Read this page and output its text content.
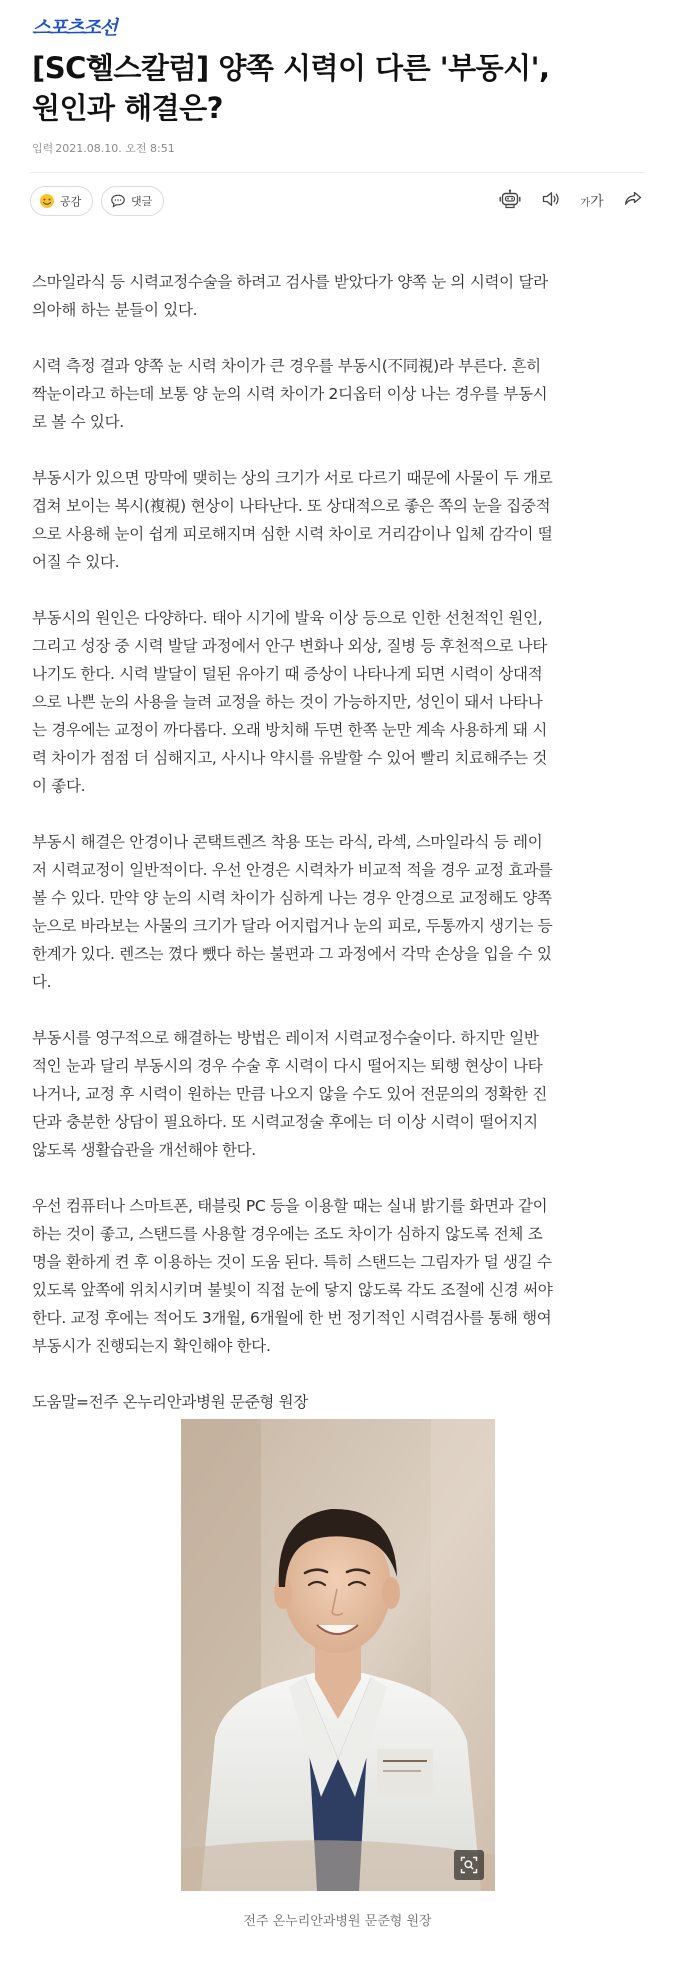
스포츠조선
[SC헬스칼럼] 양쪽 시력이 다른 '부동시',
원인과 해결은?
입력 2021.08.10. 오전 8:51
공감	댓글	가가

스마일라식 등 시력교정수술을 하려고 검사를 받았다가 양쪽 눈 의 시력이 달라
의아해 하는 분들이 있다.

시력 측정 결과 양쪽 눈 시력 차이가 큰 경우를 부동시(不同視)라 부른다. 흔히
짝눈이라고 하는데 보통 양 눈의 시력 차이가 2디옵터 이상 나는 경우를 부동시
로 볼 수 있다.

부동시가 있으면 망막에 맺히는 상의 크기가 서로 다르기 때문에 사물이 두 개로
겹쳐 보이는 복시(複視) 현상이 나타난다. 또 상대적으로 좋은 쪽의 눈을 집중적
으로 사용해 눈이 쉽게 피로해지며 심한 시력 차이로 거리감이나 입체 감각이 떨
어질 수 있다.

부동시의 원인은 다양하다. 태아 시기에 발육 이상 등으로 인한 선천적인 원인,
그리고 성장 중 시력 발달 과정에서 안구 변화나 외상, 질병 등 후천적으로 나타
나기도 한다. 시력 발달이 덜된 유아기 때 증상이 나타나게 되면 시력이 상대적
으로 나쁜 눈의 사용을 늘려 교정을 하는 것이 가능하지만, 성인이 돼서 나타나
는 경우에는 교정이 까다롭다. 오래 방치해 두면 한쪽 눈만 계속 사용하게 돼 시
력 차이가 점점 더 심해지고, 사시나 약시를 유발할 수 있어 빨리 치료해주는 것
이 좋다.

부동시 해결은 안경이나 콘택트렌즈 착용 또는 라식, 라섹, 스마일라식 등 레이
저 시력교정이 일반적이다. 우선 안경은 시력차가 비교적 적을 경우 교정 효과를
볼 수 있다. 만약 양 눈의 시력 차이가 심하게 나는 경우 안경으로 교정해도 양쪽
눈으로 바라보는 사물의 크기가 달라 어지럽거나 눈의 피로, 두통까지 생기는 등
한계가 있다. 렌즈는 꼈다 뺐다 하는 불편과 그 과정에서 각막 손상을 입을 수 있
다.

부동시를 영구적으로 해결하는 방법은 레이저 시력교정수술이다. 하지만 일반
적인 눈과 달리 부동시의 경우 수술 후 시력이 다시 떨어지는 퇴행 현상이 나타
나거나, 교정 후 시력이 원하는 만큼 나오지 않을 수도 있어 전문의의 정확한 진
단과 충분한 상담이 필요하다. 또 시력교정술 후에는 더 이상 시력이 떨어지지
않도록 생활습관을 개선해야 한다.

우선 컴퓨터나 스마트폰, 태블릿 PC 등을 이용할 때는 실내 밝기를 화면과 같이
하는 것이 좋고, 스탠드를 사용할 경우에는 조도 차이가 심하지 않도록 전체 조
명을 환하게 켠 후 이용하는 것이 도움 된다. 특히 스탠드는 그림자가 덜 생길 수
있도록 앞쪽에 위치시키며 불빛이 직접 눈에 닿지 않도록 각도 조절에 신경 써야
한다. 교정 후에는 적어도 3개월, 6개월에 한 번 정기적인 시력검사를 통해 행여
부동시가 진행되는지 확인해야 한다.

도움말=전주 온누리안과병원 문준형 원장

전주 온누리안과병원 문준형 원장
